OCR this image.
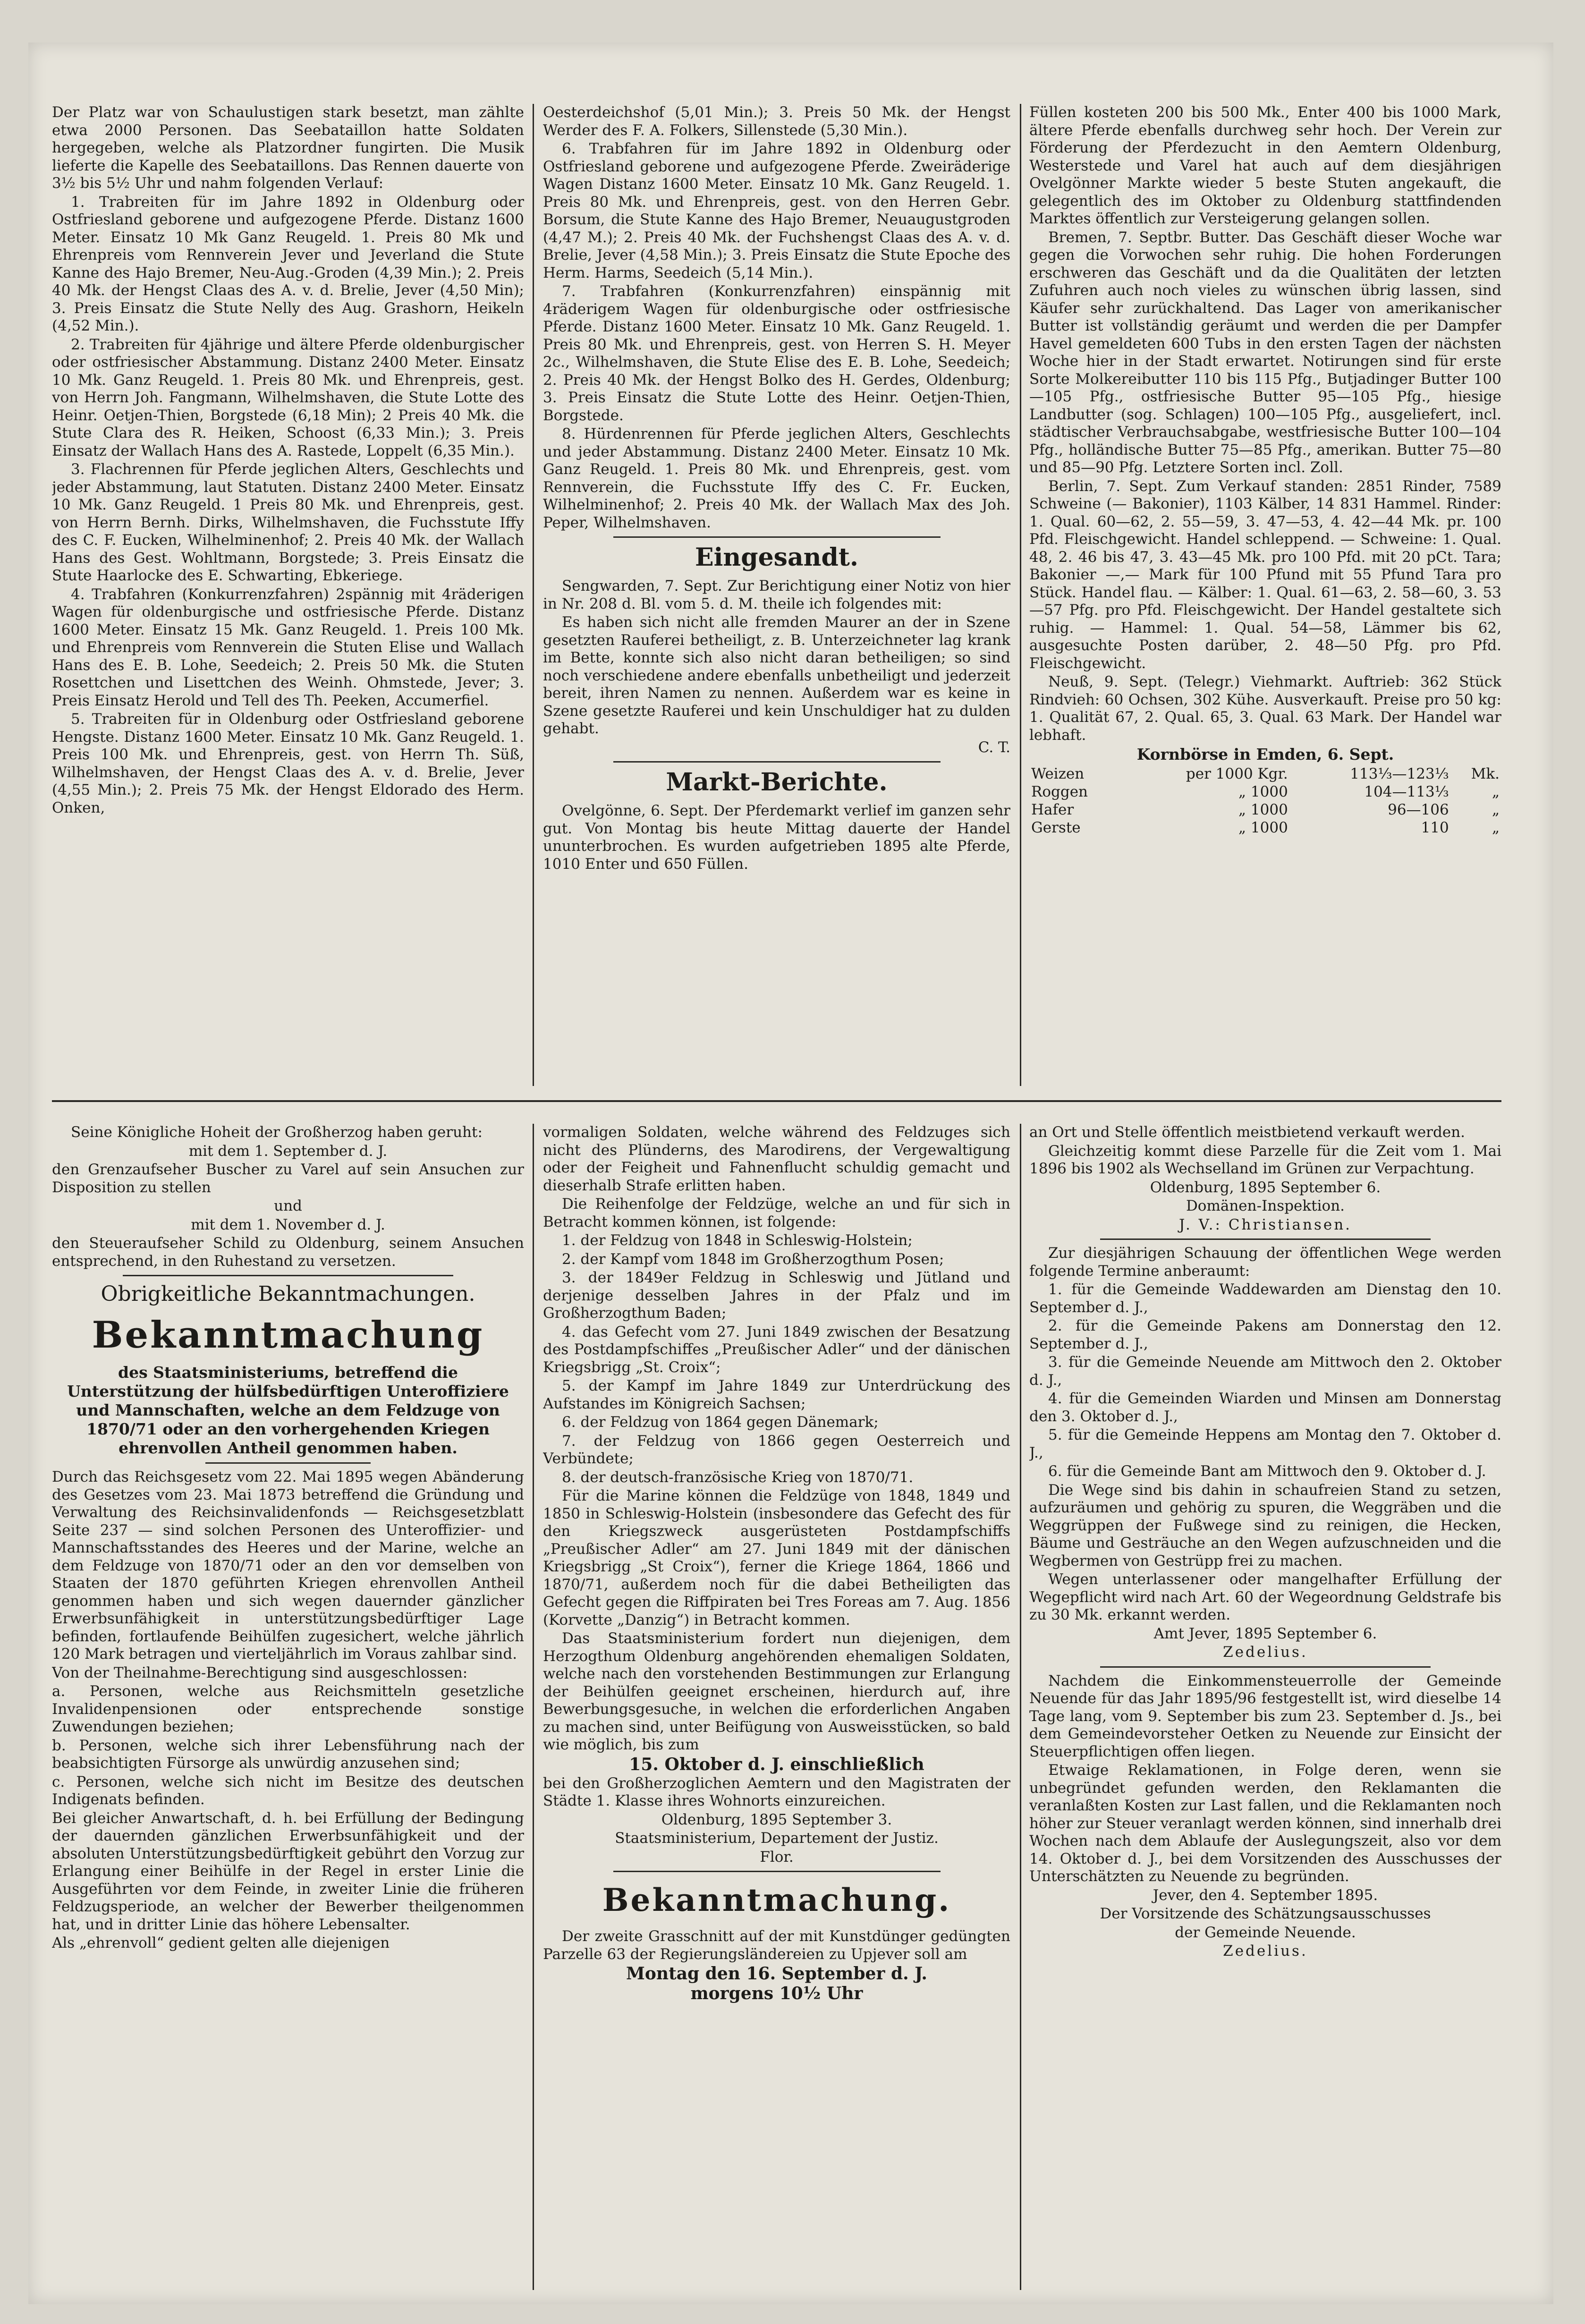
Der Platz war von Schaulustigen stark besetzt, man zählte etwa 2000 Personen. Das Seebataillon hatte Soldaten hergegeben, welche als Platzordner fungirten. Die Musik lieferte die Kapelle des Seebataillons. Das Rennen dauerte von 3½ bis 5½ Uhr und nahm folgenden Verlauf:

1. Trabreiten für im Jahre 1892 in Oldenburg oder Ostfriesland geborene und aufgezogene Pferde. Distanz 1600 Meter. Einsatz 10 Mk Ganz Reugeld. 1. Preis 80 Mk und Ehrenpreis vom Rennverein Jever und Jeverland die Stute Kanne des Hajo Bremer, Neu-Aug.-Groden (4,39 Min.); 2. Preis 40 Mk. der Hengst Claas des A. v. d. Brelie, Jever (4,50 Min); 3. Preis Einsatz die Stute Nelly des Aug. Grashorn, Heikeln (4,52 Min.).

2. Trabreiten für 4jährige und ältere Pferde oldenburgischer oder ostfriesischer Abstammung. Distanz 2400 Meter. Einsatz 10 Mk. Ganz Reugeld. 1. Preis 80 Mk. und Ehrenpreis, gest. von Herrn Joh. Fangmann, Wilhelmshaven, die Stute Lotte des Heinr. Oetjen-Thien, Borgstede (6,18 Min); 2 Preis 40 Mk. die Stute Clara des R. Heiken, Schoost (6,33 Min.); 3. Preis Einsatz der Wallach Hans des A. Rastede, Loppelt (6,35 Min.).

3. Flachrennen für Pferde jeglichen Alters, Geschlechts und jeder Abstammung, laut Statuten. Distanz 2400 Meter. Einsatz 10 Mk. Ganz Reugeld. 1 Preis 80 Mk. und Ehrenpreis, gest. von Herrn Bernh. Dirks, Wilhelmshaven, die Fuchsstute Iffy des C. F. Eucken, Wilhelminenhof; 2. Preis 40 Mk. der Wallach Hans des Gest. Wohltmann, Borgstede; 3. Preis Einsatz die Stute Haarlocke des E. Schwarting, Ebkeriege.

4. Trabfahren (Konkurrenzfahren) 2spännig mit 4räderigen Wagen für oldenburgische und ostfriesische Pferde. Distanz 1600 Meter. Einsatz 15 Mk. Ganz Reugeld. 1. Preis 100 Mk. und Ehrenpreis vom Rennverein die Stuten Elise und Wallach Hans des E. B. Lohe, Seedeich; 2. Preis 50 Mk. die Stuten Rosettchen und Lisettchen des Weinh. Ohmstede, Jever; 3. Preis Einsatz Herold und Tell des Th. Peeken, Accumerfiel.

5. Trabreiten für in Oldenburg oder Ostfriesland geborene Hengste. Distanz 1600 Meter. Einsatz 10 Mk. Ganz Reugeld. 1. Preis 100 Mk. und Ehrenpreis, gest. von Herrn Th. Süß, Wilhelmshaven, der Hengst Claas des A. v. d. Brelie, Jever (4,55 Min.); 2. Preis 75 Mk. der Hengst Eldorado des Herm. Onken,

Oesterdeichshof (5,01 Min.); 3. Preis 50 Mk. der Hengst Werder des F. A. Folkers, Sillenstede (5,30 Min.).

6. Trabfahren für im Jahre 1892 in Oldenburg oder Ostfriesland geborene und aufgezogene Pferde. Zweiräderige Wagen Distanz 1600 Meter. Einsatz 10 Mk. Ganz Reugeld. 1. Preis 80 Mk. und Ehrenpreis, gest. von den Herren Gebr. Borsum, die Stute Kanne des Hajo Bremer, Neuaugustgroden (4,47 M.); 2. Preis 40 Mk. der Fuchshengst Claas des A. v. d. Brelie, Jever (4,58 Min.); 3. Preis Einsatz die Stute Epoche des Herm. Harms, Seedeich (5,14 Min.).

7. Trabfahren (Konkurrenzfahren) einspännig mit 4räderigem Wagen für oldenburgische oder ostfriesische Pferde. Distanz 1600 Meter. Einsatz 10 Mk. Ganz Reugeld. 1. Preis 80 Mk. und Ehrenpreis, gest. von Herren S. H. Meyer 2c., Wilhelmshaven, die Stute Elise des E. B. Lohe, Seedeich; 2. Preis 40 Mk. der Hengst Bolko des H. Gerdes, Oldenburg; 3. Preis Einsatz die Stute Lotte des Heinr. Oetjen-Thien, Borgstede.

8. Hürdenrennen für Pferde jeglichen Alters, Geschlechts und jeder Abstammung. Distanz 2400 Meter. Einsatz 10 Mk. Ganz Reugeld. 1. Preis 80 Mk. und Ehrenpreis, gest. vom Rennverein, die Fuchsstute Iffy des C. Fr. Eucken, Wilhelminenhof; 2. Preis 40 Mk. der Wallach Max des Joh. Peper, Wilhelmshaven.

Eingesandt.

Sengwarden, 7. Sept. Zur Berichtigung einer Notiz von hier in Nr. 208 d. Bl. vom 5. d. M. theile ich folgendes mit:

Es haben sich nicht alle fremden Maurer an der in Szene gesetzten Rauferei betheiligt, z. B. Unterzeichneter lag krank im Bette, konnte sich also nicht daran betheiligen; so sind noch verschiedene andere ebenfalls unbetheiligt und jederzeit bereit, ihren Namen zu nennen. Außerdem war es keine in Szene gesetzte Rauferei und kein Unschuldiger hat zu dulden gehabt.

C. T.

Markt-Berichte.

Ovelgönne, 6. Sept. Der Pferdemarkt verlief im ganzen sehr gut. Von Montag bis heute Mittag dauerte der Handel ununterbrochen. Es wurden aufgetrieben 1895 alte Pferde, 1010 Enter und 650 Füllen.

Füllen kosteten 200 bis 500 Mk., Enter 400 bis 1000 Mark, ältere Pferde ebenfalls durchweg sehr hoch. Der Verein zur Förderung der Pferdezucht in den Aemtern Oldenburg, Westerstede und Varel hat auch auf dem diesjährigen Ovelgönner Markte wieder 5 beste Stuten angekauft, die gelegentlich des im Oktober zu Oldenburg stattfindenden Marktes öffentlich zur Versteigerung gelangen sollen.

Bremen, 7. Septbr. Butter. Das Geschäft dieser Woche war gegen die Vorwochen sehr ruhig. Die hohen Forderungen erschweren das Geschäft und da die Qualitäten der letzten Zufuhren auch noch vieles zu wünschen übrig lassen, sind Käufer sehr zurückhaltend. Das Lager von amerikanischer Butter ist vollständig geräumt und werden die per Dampfer Havel gemeldeten 600 Tubs in den ersten Tagen der nächsten Woche hier in der Stadt erwartet. Notirungen sind für erste Sorte Molkereibutter 110 bis 115 Pfg., Butjadinger Butter 100—105 Pfg., ostfriesische Butter 95—105 Pfg., hiesige Landbutter (sog. Schlagen) 100—105 Pfg., ausgeliefert, incl. städtischer Verbrauchsabgabe, westfriesische Butter 100—104 Pfg., holländische Butter 75—85 Pfg., amerikan. Butter 75—80 und 85—90 Pfg. Letztere Sorten incl. Zoll.

Berlin, 7. Sept. Zum Verkauf standen: 2851 Rinder, 7589 Schweine (— Bakonier), 1103 Kälber, 14 831 Hammel. Rinder: 1. Qual. 60—62, 2. 55—59, 3. 47—53, 4. 42—44 Mk. pr. 100 Pfd. Fleischgewicht. Handel schleppend. — Schweine: 1. Qual. 48, 2. 46 bis 47, 3. 43—45 Mk. pro 100 Pfd. mit 20 pCt. Tara; Bakonier —,— Mark für 100 Pfund mit 55 Pfund Tara pro Stück. Handel flau. — Kälber: 1. Qual. 61—63, 2. 58—60, 3. 53—57 Pfg. pro Pfd. Fleischgewicht. Der Handel gestaltete sich ruhig. — Hammel: 1. Qual. 54—58, Lämmer bis 62, ausgesuchte Posten darüber, 2. 48—50 Pfg. pro Pfd. Fleischgewicht.

Neuß, 9. Sept. (Telegr.) Viehmarkt. Auftrieb: 362 Stück Rindvieh: 60 Ochsen, 302 Kühe. Ausverkauft. Preise pro 50 kg: 1. Qualität 67, 2. Qual. 65, 3. Qual. 63 Mark. Der Handel war lebhaft.

Kornbörse in Emden, 6. Sept.

Weizen	per 1000 Kgr.	113⅓—123⅓	Mk.
Roggen	„ 1000	104—113⅓	„
Hafer	„ 1000	96—106	„
Gerste	„ 1000	110	„

Seine Königliche Hoheit der Großherzog haben geruht:

mit dem 1. September d. J.

den Grenzaufseher Buscher zu Varel auf sein Ansuchen zur Disposition zu stellen

und

mit dem 1. November d. J.

den Steueraufseher Schild zu Oldenburg, seinem Ansuchen entsprechend, in den Ruhestand zu versetzen.

Obrigkeitliche Bekanntmachungen.
Bekanntmachung

des Staatsministeriums, betreffend die Unterstützung der hülfsbedürftigen Unteroffiziere und Mannschaften, welche an dem Feldzuge von 1870/71 oder an den vorhergehenden Kriegen ehrenvollen Antheil genommen haben.

Durch das Reichsgesetz vom 22. Mai 1895 wegen Abänderung des Gesetzes vom 23. Mai 1873 betreffend die Gründung und Verwaltung des Reichsinvalidenfonds — Reichsgesetzblatt Seite 237 — sind solchen Personen des Unteroffizier- und Mannschaftsstandes des Heeres und der Marine, welche an dem Feldzuge von 1870/71 oder an den vor demselben von Staaten der 1870 geführten Kriegen ehrenvollen Antheil genommen haben und sich wegen dauernder gänzlicher Erwerbsunfähigkeit in unterstützungsbedürftiger Lage befinden, fortlaufende Beihülfen zugesichert, welche jährlich 120 Mark betragen und vierteljährlich im Voraus zahlbar sind.

Von der Theilnahme-Berechtigung sind ausgeschlossen:

a. Personen, welche aus Reichsmitteln gesetzliche Invalidenpensionen oder entsprechende sonstige Zuwendungen beziehen;

b. Personen, welche sich ihrer Lebensführung nach der beabsichtigten Fürsorge als unwürdig anzusehen sind;

c. Personen, welche sich nicht im Besitze des deutschen Indigenats befinden.

Bei gleicher Anwartschaft, d. h. bei Erfüllung der Bedingung der dauernden gänzlichen Erwerbsunfähigkeit und der absoluten Unterstützungsbedürftigkeit gebührt den Vorzug zur Erlangung einer Beihülfe in der Regel in erster Linie die Ausgeführten vor dem Feinde, in zweiter Linie die früheren Feldzugsperiode, an welcher der Bewerber theilgenommen hat, und in dritter Linie das höhere Lebensalter.

Als „ehrenvoll“ gedient gelten alle diejenigen

vormaligen Soldaten, welche während des Feldzuges sich nicht des Plünderns, des Marodirens, der Vergewaltigung oder der Feigheit und Fahnenflucht schuldig gemacht und dieserhalb Strafe erlitten haben.

Die Reihenfolge der Feldzüge, welche an und für sich in Betracht kommen können, ist folgende:

1. der Feldzug von 1848 in Schleswig-Holstein;

2. der Kampf vom 1848 im Großherzogthum Posen;

3. der 1849er Feldzug in Schleswig und Jütland und derjenige desselben Jahres in der Pfalz und im Großherzogthum Baden;

4. das Gefecht vom 27. Juni 1849 zwischen der Besatzung des Postdampfschiffes „Preußischer Adler“ und der dänischen Kriegsbrigg „St. Croix“;

5. der Kampf im Jahre 1849 zur Unterdrückung des Aufstandes im Königreich Sachsen;

6. der Feldzug von 1864 gegen Dänemark;

7. der Feldzug von 1866 gegen Oesterreich und Verbündete;

8. der deutsch-französische Krieg von 1870/71.

Für die Marine können die Feldzüge von 1848, 1849 und 1850 in Schleswig-Holstein (insbesondere das Gefecht des für den Kriegszweck ausgerüsteten Postdampfschiffs „Preußischer Adler“ am 27. Juni 1849 mit der dänischen Kriegsbrigg „St Croix“), ferner die Kriege 1864, 1866 und 1870/71, außerdem noch für die dabei Betheiligten das Gefecht gegen die Riffpiraten bei Tres Foreas am 7. Aug. 1856 (Korvette „Danzig“) in Betracht kommen.

Das Staatsministerium fordert nun diejenigen, dem Herzogthum Oldenburg angehörenden ehemaligen Soldaten, welche nach den vorstehenden Bestimmungen zur Erlangung der Beihülfen geeignet erscheinen, hierdurch auf, ihre Bewerbungsgesuche, in welchen die erforderlichen Angaben zu machen sind, unter Beifügung von Ausweisstücken, so bald wie möglich, bis zum

15. Oktober d. J. einschließlich

bei den Großherzoglichen Aemtern und den Magistraten der Städte 1. Klasse ihres Wohnorts einzureichen.

Oldenburg, 1895 September 3.

Staatsministerium, Departement der Justiz.

Flor.

Bekanntmachung.

Der zweite Grasschnitt auf der mit Kunstdünger gedüngten Parzelle 63 der Regierungsländereien zu Upjever soll am

Montag den 16. September d. J.

morgens 10½ Uhr

an Ort und Stelle öffentlich meistbietend verkauft werden.

Gleichzeitig kommt diese Parzelle für die Zeit vom 1. Mai 1896 bis 1902 als Wechselland im Grünen zur Verpachtung.

Oldenburg, 1895 September 6.

Domänen-Inspektion.

J. V.: Christiansen.

Zur diesjährigen Schauung der öffentlichen Wege werden folgende Termine anberaumt:

1. für die Gemeinde Waddewarden am Dienstag den 10. September d. J.,

2. für die Gemeinde Pakens am Donnerstag den 12. September d. J.,

3. für die Gemeinde Neuende am Mittwoch den 2. Oktober d. J.,

4. für die Gemeinden Wiarden und Minsen am Donnerstag den 3. Oktober d. J.,

5. für die Gemeinde Heppens am Montag den 7. Oktober d. J.,

6. für die Gemeinde Bant am Mittwoch den 9. Oktober d. J.

Die Wege sind bis dahin in schaufreien Stand zu setzen, aufzuräumen und gehörig zu spuren, die Weggräben und die Weggrüppen der Fußwege sind zu reinigen, die Hecken, Bäume und Gesträuche an den Wegen aufzuschneiden und die Wegbermen von Gestrüpp frei zu machen.

Wegen unterlassener oder mangelhafter Erfüllung der Wegepflicht wird nach Art. 60 der Wegeordnung Geldstrafe bis zu 30 Mk. erkannt werden.

Amt Jever, 1895 September 6.

Zedelius.

Nachdem die Einkommensteuerrolle der Gemeinde Neuende für das Jahr 1895/96 festgestellt ist, wird dieselbe 14 Tage lang, vom 9. September bis zum 23. September d. Js., bei dem Gemeindevorsteher Oetken zu Neuende zur Einsicht der Steuerpflichtigen offen liegen.

Etwaige Reklamationen, in Folge deren, wenn sie unbegründet gefunden werden, den Reklamanten die veranlaßten Kosten zur Last fallen, und die Reklamanten noch höher zur Steuer veranlagt werden können, sind innerhalb drei Wochen nach dem Ablaufe der Auslegungszeit, also vor dem 14. Oktober d. J., bei dem Vorsitzenden des Ausschusses der Unterschätzten zu Neuende zu begründen.

Jever, den 4. September 1895.

Der Vorsitzende des Schätzungsausschusses

der Gemeinde Neuende.

Zedelius.
